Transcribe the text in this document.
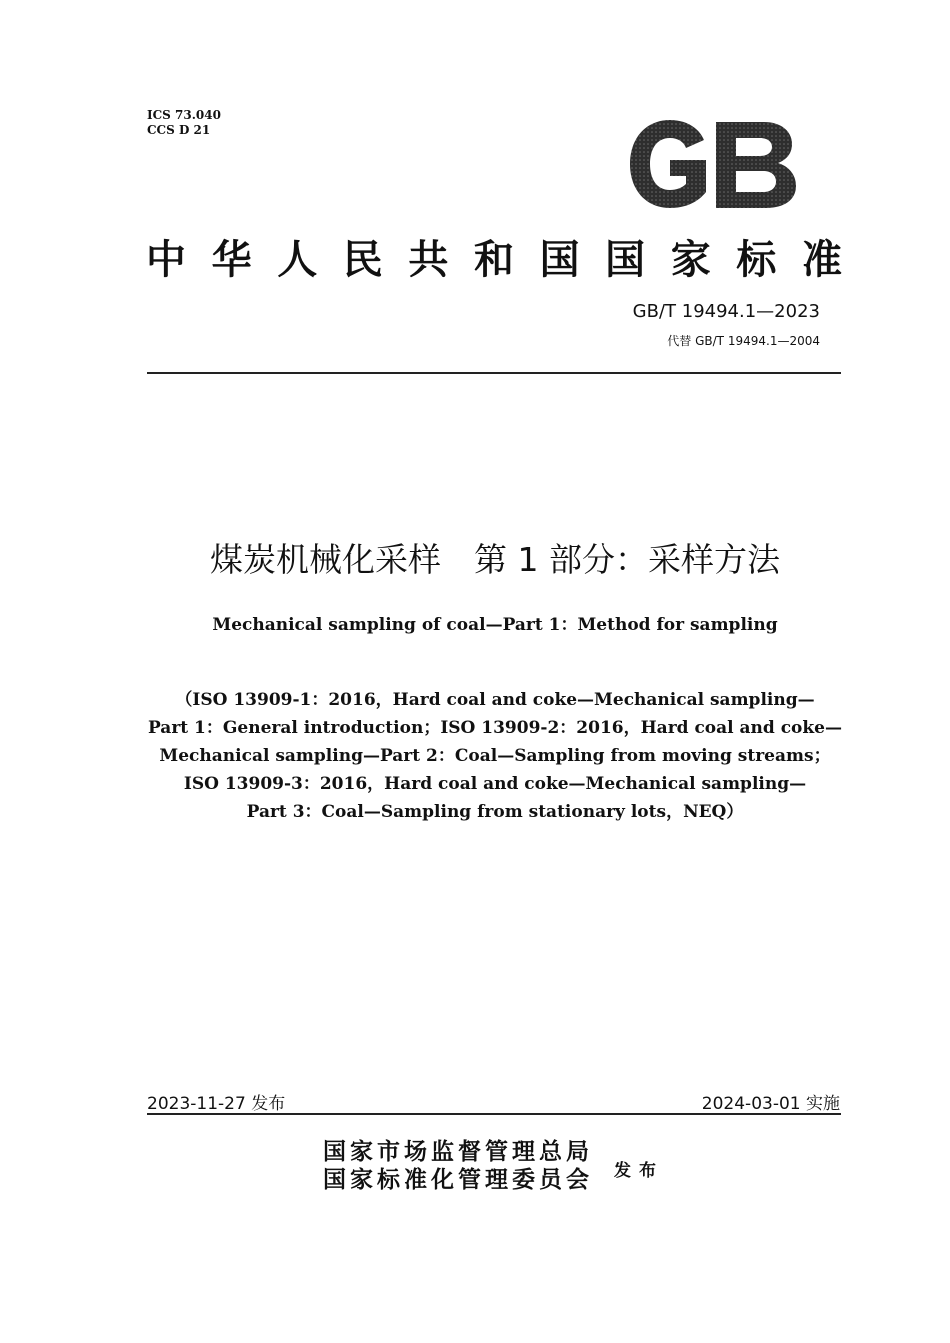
ICS 73.040
CCS D 21
中 华 人 民 共 和 国 国 家 标 准
GB/T 19494.1—2023
代替 GB/T 19494.1—2004
煤炭机械化采样　第 1 部分：采样方法
Mechanical sampling of coal—Part 1：Method for sampling
（ISO 13909-1：2016，Hard coal and coke—Mechanical sampling—
Part 1：General introduction；ISO 13909-2：2016，Hard coal and coke—
Mechanical sampling—Part 2：Coal—Sampling from moving streams；
ISO 13909-3：2016，Hard coal and coke—Mechanical sampling—
Part 3：Coal—Sampling from stationary lots，NEQ）
2023-11-27 发布	2024-03-01 实施
国家市场监督管理总局
国家标准化管理委员会 发布
